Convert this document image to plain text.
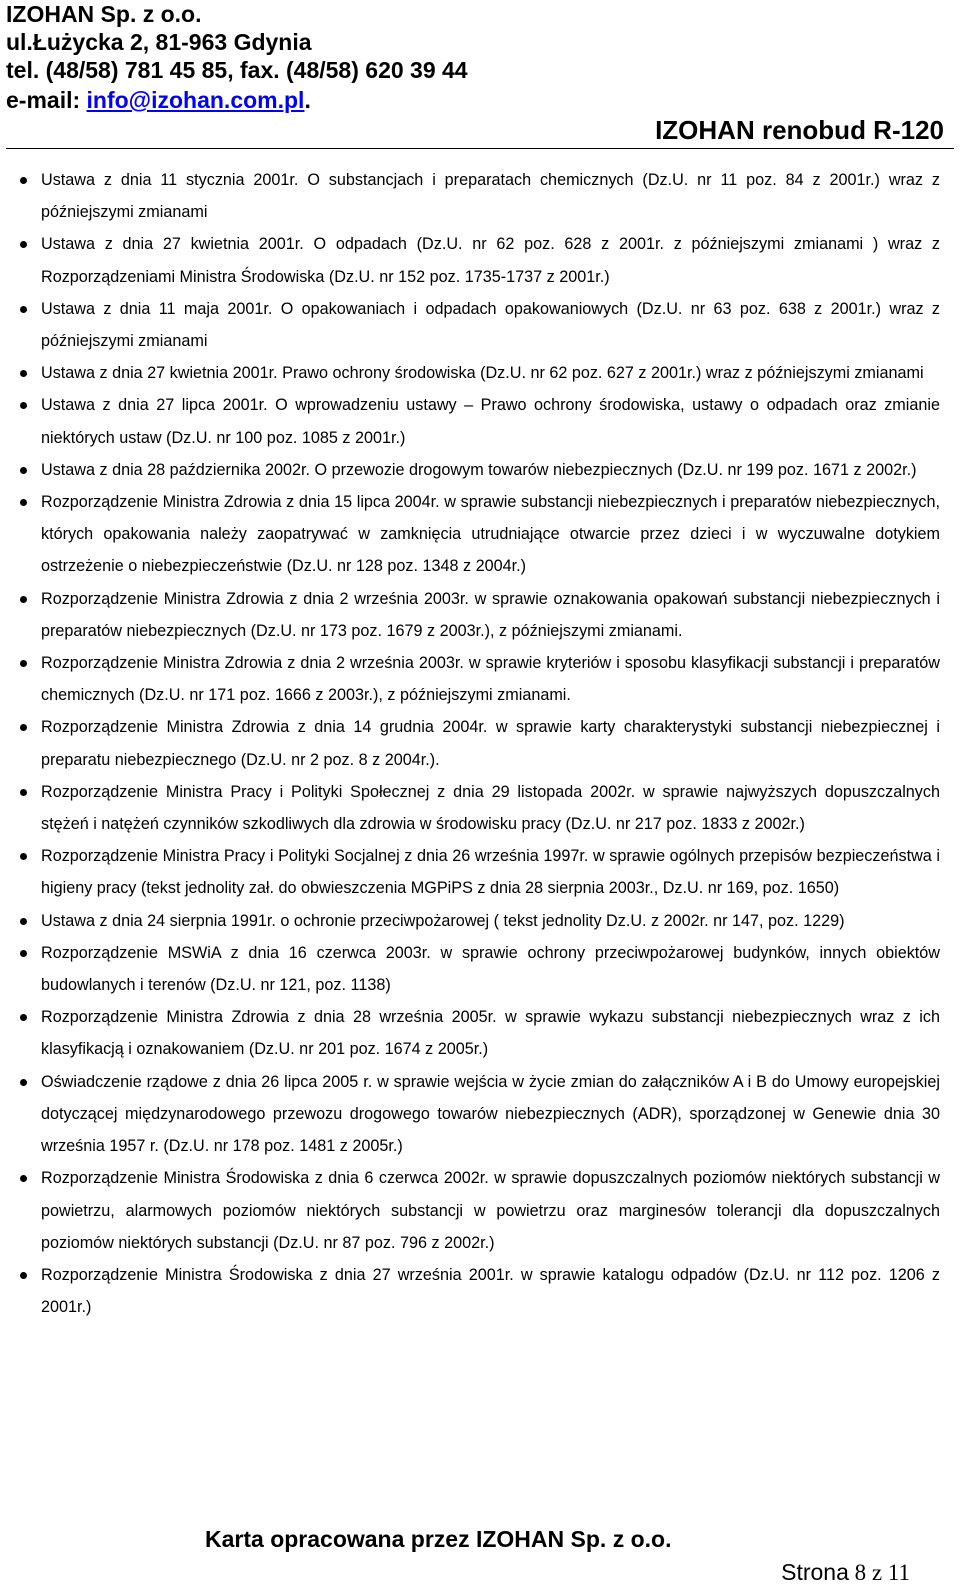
IZOHAN Sp. z o.o.
ul.Łużycka 2, 81-963 Gdynia
tel. (48/58) 781 45 85, fax. (48/58) 620 39 44
e-mail: info@izohan.com.pl.
IZOHAN renobud R-120
Ustawa z dnia 11 stycznia 2001r. O substancjach i preparatach chemicznych (Dz.U. nr 11 poz. 84 z 2001r.) wraz z późniejszymi zmianami
Ustawa z dnia 27 kwietnia 2001r. O odpadach (Dz.U. nr 62 poz. 628 z 2001r. z późniejszymi zmianami ) wraz z Rozporządzeniami Ministra Środowiska (Dz.U. nr 152 poz. 1735-1737 z 2001r.)
Ustawa z dnia 11 maja 2001r. O opakowaniach i odpadach opakowaniowych (Dz.U. nr 63 poz. 638 z 2001r.) wraz z późniejszymi zmianami
Ustawa z dnia 27 kwietnia 2001r. Prawo ochrony środowiska (Dz.U. nr 62 poz. 627 z 2001r.) wraz z późniejszymi zmianami
Ustawa z dnia 27 lipca 2001r. O wprowadzeniu ustawy – Prawo ochrony środowiska, ustawy o odpadach oraz zmianie niektórych ustaw (Dz.U. nr 100 poz. 1085 z 2001r.)
Ustawa z dnia 28 października 2002r. O przewozie drogowym towarów niebezpiecznych (Dz.U. nr 199 poz. 1671 z 2002r.)
Rozporządzenie Ministra Zdrowia z dnia 15 lipca 2004r. w sprawie substancji niebezpiecznych i preparatów niebezpiecznych, których opakowania należy zaopatrywać w zamknięcia utrudniające otwarcie przez dzieci i w wyczuwalne dotykiem ostrzeżenie o niebezpieczeństwie (Dz.U. nr 128 poz. 1348 z 2004r.)
Rozporządzenie Ministra Zdrowia z dnia 2 września 2003r. w sprawie oznakowania opakowań substancji niebezpiecznych i preparatów niebezpiecznych (Dz.U. nr 173 poz. 1679 z 2003r.), z późniejszymi zmianami.
Rozporządzenie Ministra Zdrowia z dnia 2 września 2003r. w sprawie kryteriów i sposobu klasyfikacji substancji i preparatów chemicznych (Dz.U. nr 171 poz. 1666 z 2003r.), z późniejszymi zmianami.
Rozporządzenie Ministra Zdrowia z dnia 14 grudnia 2004r. w sprawie karty charakterystyki substancji niebezpiecznej i preparatu niebezpiecznego (Dz.U. nr 2 poz. 8 z 2004r.).
Rozporządzenie Ministra Pracy i Polityki Społecznej z dnia 29 listopada 2002r. w sprawie najwyższych dopuszczalnych stężeń i natężeń czynników szkodliwych dla zdrowia w środowisku pracy (Dz.U. nr 217 poz. 1833 z 2002r.)
Rozporządzenie Ministra Pracy i Polityki Socjalnej z dnia 26 września 1997r. w sprawie ogólnych przepisów bezpieczeństwa i higieny pracy (tekst jednolity zał. do obwieszczenia MGPiPS z dnia 28 sierpnia 2003r., Dz.U. nr 169, poz. 1650)
Ustawa z dnia 24 sierpnia 1991r. o ochronie przeciwpożarowej ( tekst jednolity Dz.U. z 2002r. nr 147, poz. 1229)
Rozporządzenie MSWiA z dnia 16 czerwca 2003r. w sprawie ochrony przeciwpożarowej budynków, innych obiektów budowlanych i terenów (Dz.U. nr 121, poz. 1138)
Rozporządzenie Ministra Zdrowia z dnia 28 września 2005r. w sprawie wykazu substancji niebezpiecznych wraz z ich klasyfikacją i oznakowaniem (Dz.U. nr 201 poz. 1674 z 2005r.)
Oświadczenie rządowe z dnia 26 lipca 2005 r. w sprawie wejścia w życie zmian do załączników A i B do Umowy europejskiej dotyczącej międzynarodowego przewozu drogowego towarów niebezpiecznych (ADR), sporządzonej w Genewie dnia 30 września 1957 r. (Dz.U. nr 178 poz. 1481 z 2005r.)
Rozporządzenie Ministra Środowiska z dnia 6 czerwca 2002r. w sprawie dopuszczalnych poziomów niektórych substancji w powietrzu, alarmowych poziomów niektórych substancji w powietrzu oraz marginesów tolerancji dla dopuszczalnych poziomów niektórych substancji (Dz.U. nr 87 poz. 796 z 2002r.)
Rozporządzenie Ministra Środowiska z dnia 27 września 2001r. w sprawie katalogu odpadów (Dz.U. nr 112 poz. 1206 z 2001r.)
Karta opracowana przez IZOHAN Sp. z o.o.
Strona 8 z 11
